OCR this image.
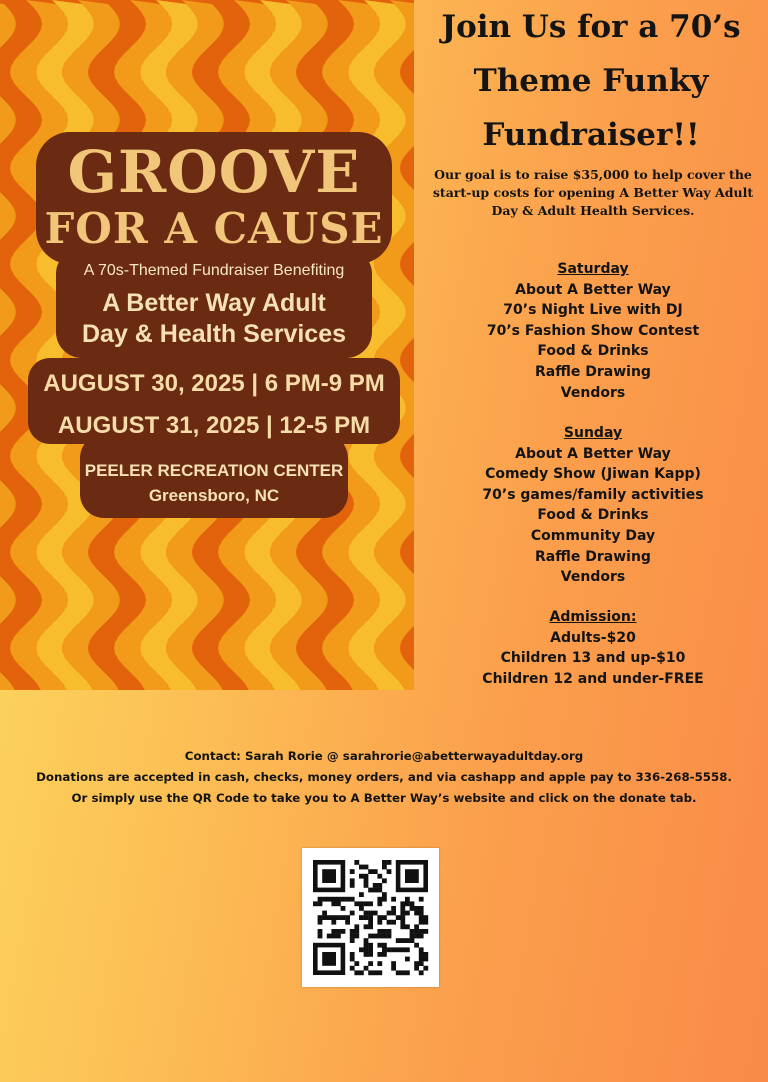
GROOVE
FOR A CAUSE
A 70s-Themed Fundraiser Benefiting
A Better Way Adult
Day & Health Services
AUGUST 30, 2025 | 6 PM-9 PM
AUGUST 31, 2025 | 12-5 PM
PEELER RECREATION CENTER
Greensboro, NC
Join Us for a 70’s
Theme Funky
Fundraiser!!
Our goal is to raise $35,000 to help cover the
start-up costs for opening A Better Way Adult
Day & Adult Health Services.
Saturday
About A Better Way
70’s Night Live with DJ
70’s Fashion Show Contest
Food & Drinks
Raffle Drawing
Vendors
Sunday
About A Better Way
Comedy Show (Jiwan Kapp)
70’s games/family activities
Food & Drinks
Community Day
Raffle Drawing
Vendors
Admission:
Adults-$20
Children 13 and up-$10
Children 12 and under-FREE
Contact: Sarah Rorie @ sarahrorie@abetterwayadultday.org
Donations are accepted in cash, checks, money orders, and via cashapp and apple pay to 336-268-5558.
Or simply use the QR Code to take you to A Better Way’s website and click on the donate tab.
